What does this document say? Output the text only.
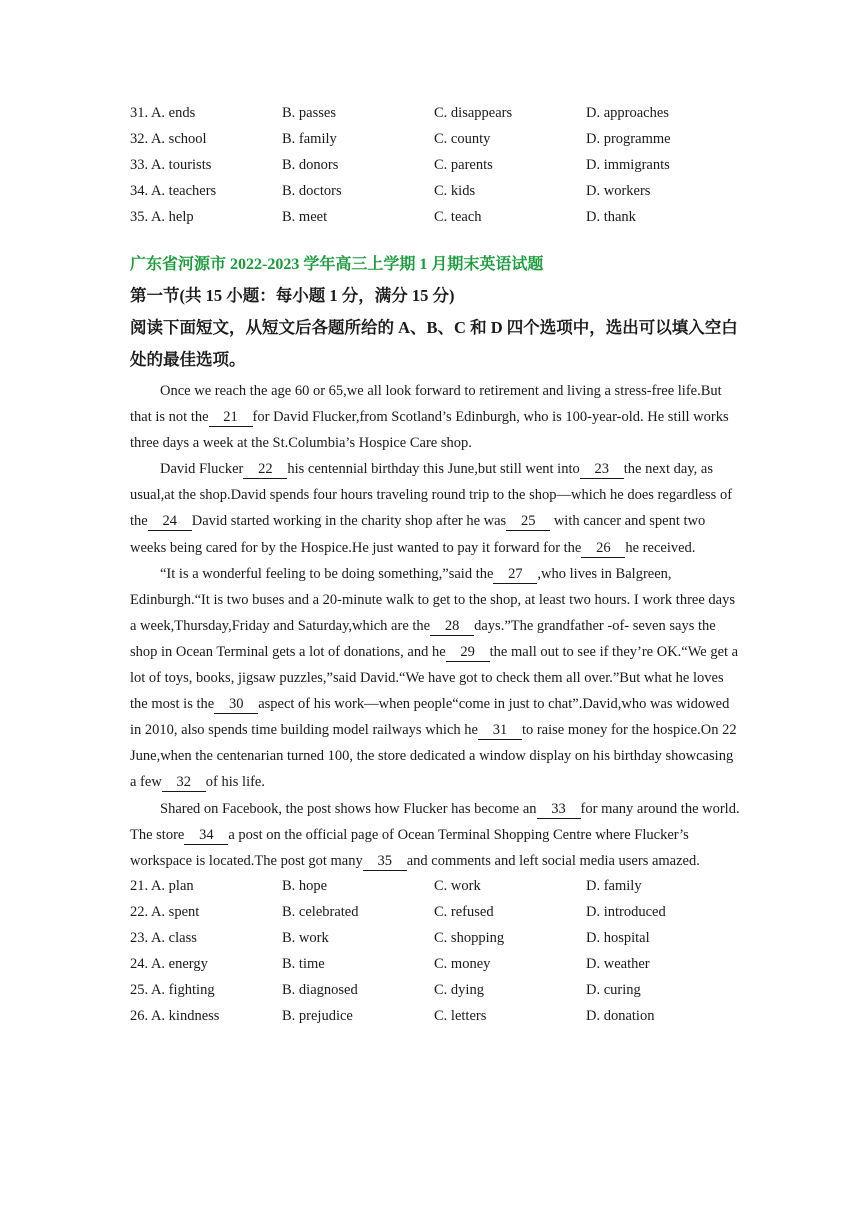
31. A. ends	B. passes	C. disappears	D. approaches
32. A. school	B. family	C. county	D. programme
33. A. tourists	B. donors	C. parents	D. immigrants
34. A. teachers	B. doctors	C. kids	D. workers
35. A. help	B. meet	C. teach	D. thank
广东省河源市 2022-2023 学年高三上学期 1 月期末英语试题
第一节(共 15 小题：每小题 1 分，满分 15 分)
阅读下面短文，从短文后各题所给的 A、B、C 和 D 四个选项中，选出可以填入空白处的最佳选项。

Once we reach the age 60 or 65,we all look forward to retirement and living a stress-free life.But that is not the 21 for David Flucker,from Scotland’s Edinburgh, who is 100-year-old. He still works three days a week at the St.Columbia’s Hospice Care shop.

David Flucker 22 his centennial birthday this June,but still went into 23 the next day, as usual,at the shop.David spends four hours traveling round trip to the shop—which he does regardless of the 24 David started working in the charity shop after he was 25 with cancer and spent two weeks being cared for by the Hospice.He just wanted to pay it forward for the 26 he received.

“It is a wonderful feeling to be doing something,”said the 27 ,who lives in Balgreen, Edinburgh.“It is two buses and a 20-minute walk to get to the shop, at least two hours. I work three days a week,Thursday,Friday and Saturday,which are the 28 days.”The grandfather -of- seven says the shop in Ocean Terminal gets a lot of donations, and he 29 the mall out to see if they’re OK.“We get a lot of toys, books, jigsaw puzzles,”said David.“We have got to check them all over.”But what he loves the most is the 30 aspect of his work—when people“come in just to chat”.David,who was widowed in 2010, also spends time building model railways which he 31 to raise money for the hospice.On 22 June,when the centenarian turned 100, the store dedicated a window display on his birthday showcasing a few 32 of his life.

Shared on Facebook, the post shows how Flucker has become an 33 for many around the world. The store 34 a post on the official page of Ocean Terminal Shopping Centre where Flucker’s workspace is located.The post got many 35 and comments and left social media users amazed.

21. A. plan	B. hope	C. work	D. family
22. A. spent	B. celebrated	C. refused	D. introduced
23. A. class	B. work	C. shopping	D. hospital
24. A. energy	B. time	C. money	D. weather
25. A. fighting	B. diagnosed	C. dying	D. curing
26. A. kindness	B. prejudice	C. letters	D. donation
